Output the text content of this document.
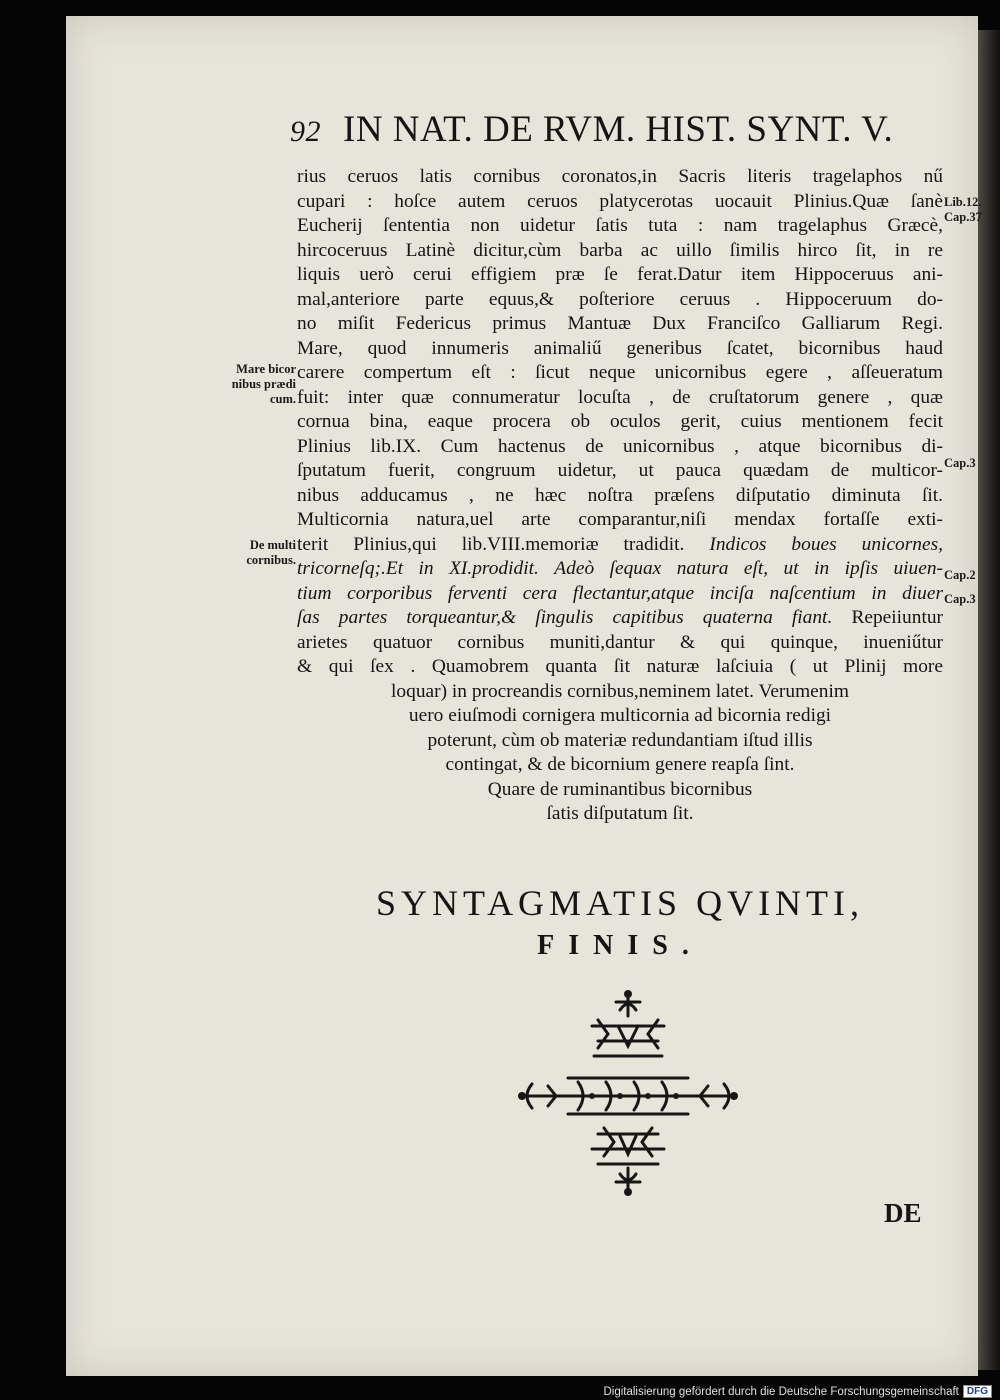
92 IN NAT. DE RVM. HIST. SYNT. V.
rius ceruos latis cornibus coronatos,in Sacris literis tragelaphos nű
cupari : hoſce autem ceruos platycerotas uocauit Plinius.Quæ ſanè
Eucherij ſententia non uidetur ſatis tuta : nam tragelaphus Græcè,
hircoceruus Latinè dicitur,cùm barba ac uillo ſimilis hirco ſit, in re
liquis uerò cerui effigiem præ ſe ferat.Datur item Hippoceruus ani-
mal,anteriore parte equus,& poſteriore ceruus . Hippoceruum do-
no miſit Federicus primus Mantuæ Dux Franciſco Galliarum Regi.
Mare, quod innumeris animaliű generibus ſcatet, bicornibus haud
carere compertum eſt : ſicut neque unicornibus egere , aſſeueratum
fuit: inter quæ connumeratur locuſta , de cruſtatorum genere , quæ
cornua bina, eaque procera ob oculos gerit, cuius mentionem fecit
Plinius lib.IX. Cum hactenus de unicornibus , atque bicornibus di-
ſputatum fuerit, congruum uidetur, ut pauca quædam de multicor-
nibus adducamus , ne hæc noſtra præſens diſputatio diminuta ſit.
Multicornia natura,uel arte comparantur,niſi mendax fortaſſe exti-
terit Plinius,qui lib.VIII.memoriæ tradidit. Indicos boues unicornes,
tricorneſq;.Et in XI.prodidit. Adeò ſequax natura eſt, ut in ipſis uiuen-
tium corporibus ferventi cera flectantur,atque inciſa naſcentium in diuer
ſas partes torqueantur,& ſingulis capitibus quaterna fiant. Repeiiuntur
arietes quatuor cornibus muniti,dantur & qui quinque, inueniűtur
& qui ſex . Quamobrem quanta ſit naturæ laſciuia ( ut Plinij more
loquar) in procreandis cornibus,neminem latet. Verumenim
uero eiuſmodi cornigera multicornia ad bicornia redigi
poterunt, cùm ob materiæ redundantiam iſtud illis
contingat, & de bicornium genere reapſa ſint.
Quare de ruminantibus bicornibus
ſatis diſputatum ſit.
Mare bicor nibus prædi cum.
De multi cornibus.
Lib.12. Cap.37
Cap.3
Cap.2
Cap.3
SYNTAGMATIS QVINTI,
FINIS.
DE
Digitalisierung gefördert durch die Deutsche Forschungsgemeinschaft DFG
